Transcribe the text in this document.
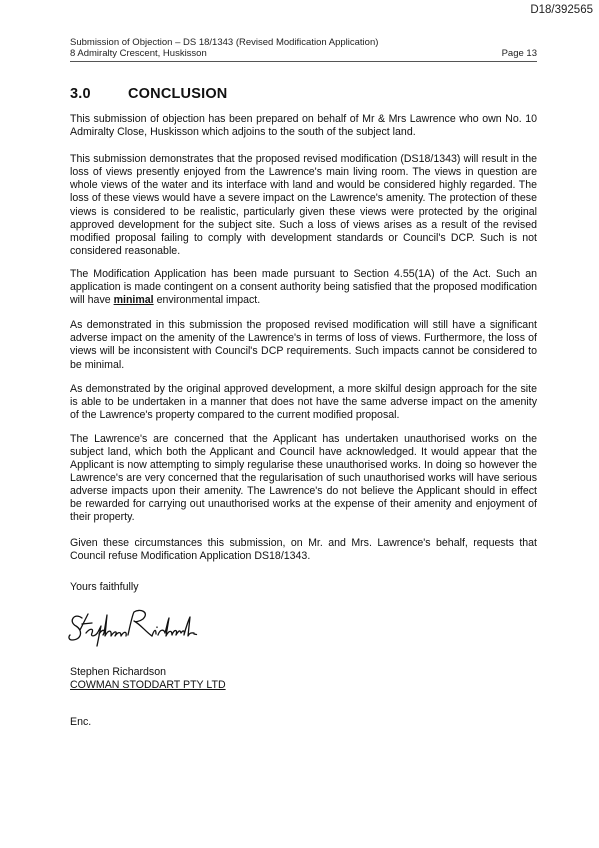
D18/392565
Submission of Objection – DS 18/1343 (Revised Modification Application)
8 Admiralty Crescent, Huskisson	Page 13
3.0	CONCLUSION

This submission of objection has been prepared on behalf of Mr & Mrs Lawrence who own No. 10 Admiralty Close, Huskisson which adjoins to the south of the subject land.

This submission demonstrates that the proposed revised modification (DS18/1343) will result in the loss of views presently enjoyed from the Lawrence's main living room. The views in question are whole views of the water and its interface with land and would be considered highly regarded. The loss of these views would have a severe impact on the Lawrence's amenity. The protection of these views is considered to be realistic, particularly given these views were protected by the original approved development for the subject site. Such a loss of views arises as a result of the revised modified proposal failing to comply with development standards or Council's DCP. Such is not considered reasonable.

The Modification Application has been made pursuant to Section 4.55(1A) of the Act. Such an application is made contingent on a consent authority being satisfied that the proposed modification will have minimal environmental impact.

As demonstrated in this submission the proposed revised modification will still have a significant adverse impact on the amenity of the Lawrence's in terms of loss of views. Furthermore, the loss of views will be inconsistent with Council's DCP requirements. Such impacts cannot be considered to be minimal.

As demonstrated by the original approved development, a more skilful design approach for the site is able to be undertaken in a manner that does not have the same adverse impact on the amenity of the Lawrence's property compared to the current modified proposal.

The Lawrence's are concerned that the Applicant has undertaken unauthorised works on the subject land, which both the Applicant and Council have acknowledged. It would appear that the Applicant is now attempting to simply regularise these unauthorised works. In doing so however the Lawrence's are very concerned that the regularisation of such unauthorised works will have serious adverse impacts upon their amenity. The Lawrence's do not believe the Applicant should in effect be rewarded for carrying out unauthorised works at the expense of their amenity and enjoyment of their property.

Given these circumstances this submission, on Mr. and Mrs. Lawrence's behalf, requests that Council refuse Modification Application DS18/1343.

Yours faithfully
Stephen Richardson
COWMAN STODDART PTY LTD
Enc.
